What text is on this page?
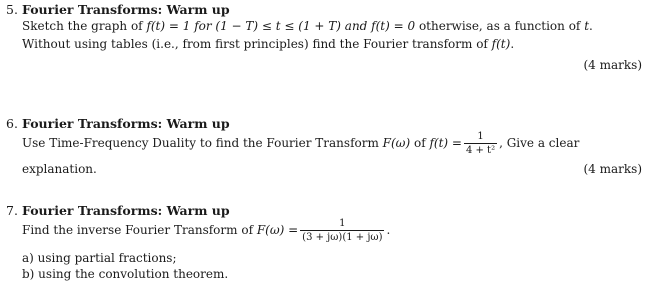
5. Fourier Transforms: Warm up
Sketch the graph of f(t) = 1 for (1 − T) ≤ t ≤ (1 + T) and f(t) = 0 otherwise, as a function of t.
Without using tables (i.e., from first principles) find the Fourier transform of f(t).
(4 marks)
6. Fourier Transforms: Warm up
Use Time-Frequency Duality to find the Fourier Transform F(ω) of $f(t) = \frac{1}{\text{4 + t²}}$ , Give a clear
explanation.	(4 marks)
7. Fourier Transforms: Warm up
Find the inverse Fourier Transform of $F(\omega) = \frac{1}{(3 + j\omega)(1 + j\omega)}$ .
a) using partial fractions;
b) using the convolution theorem.
